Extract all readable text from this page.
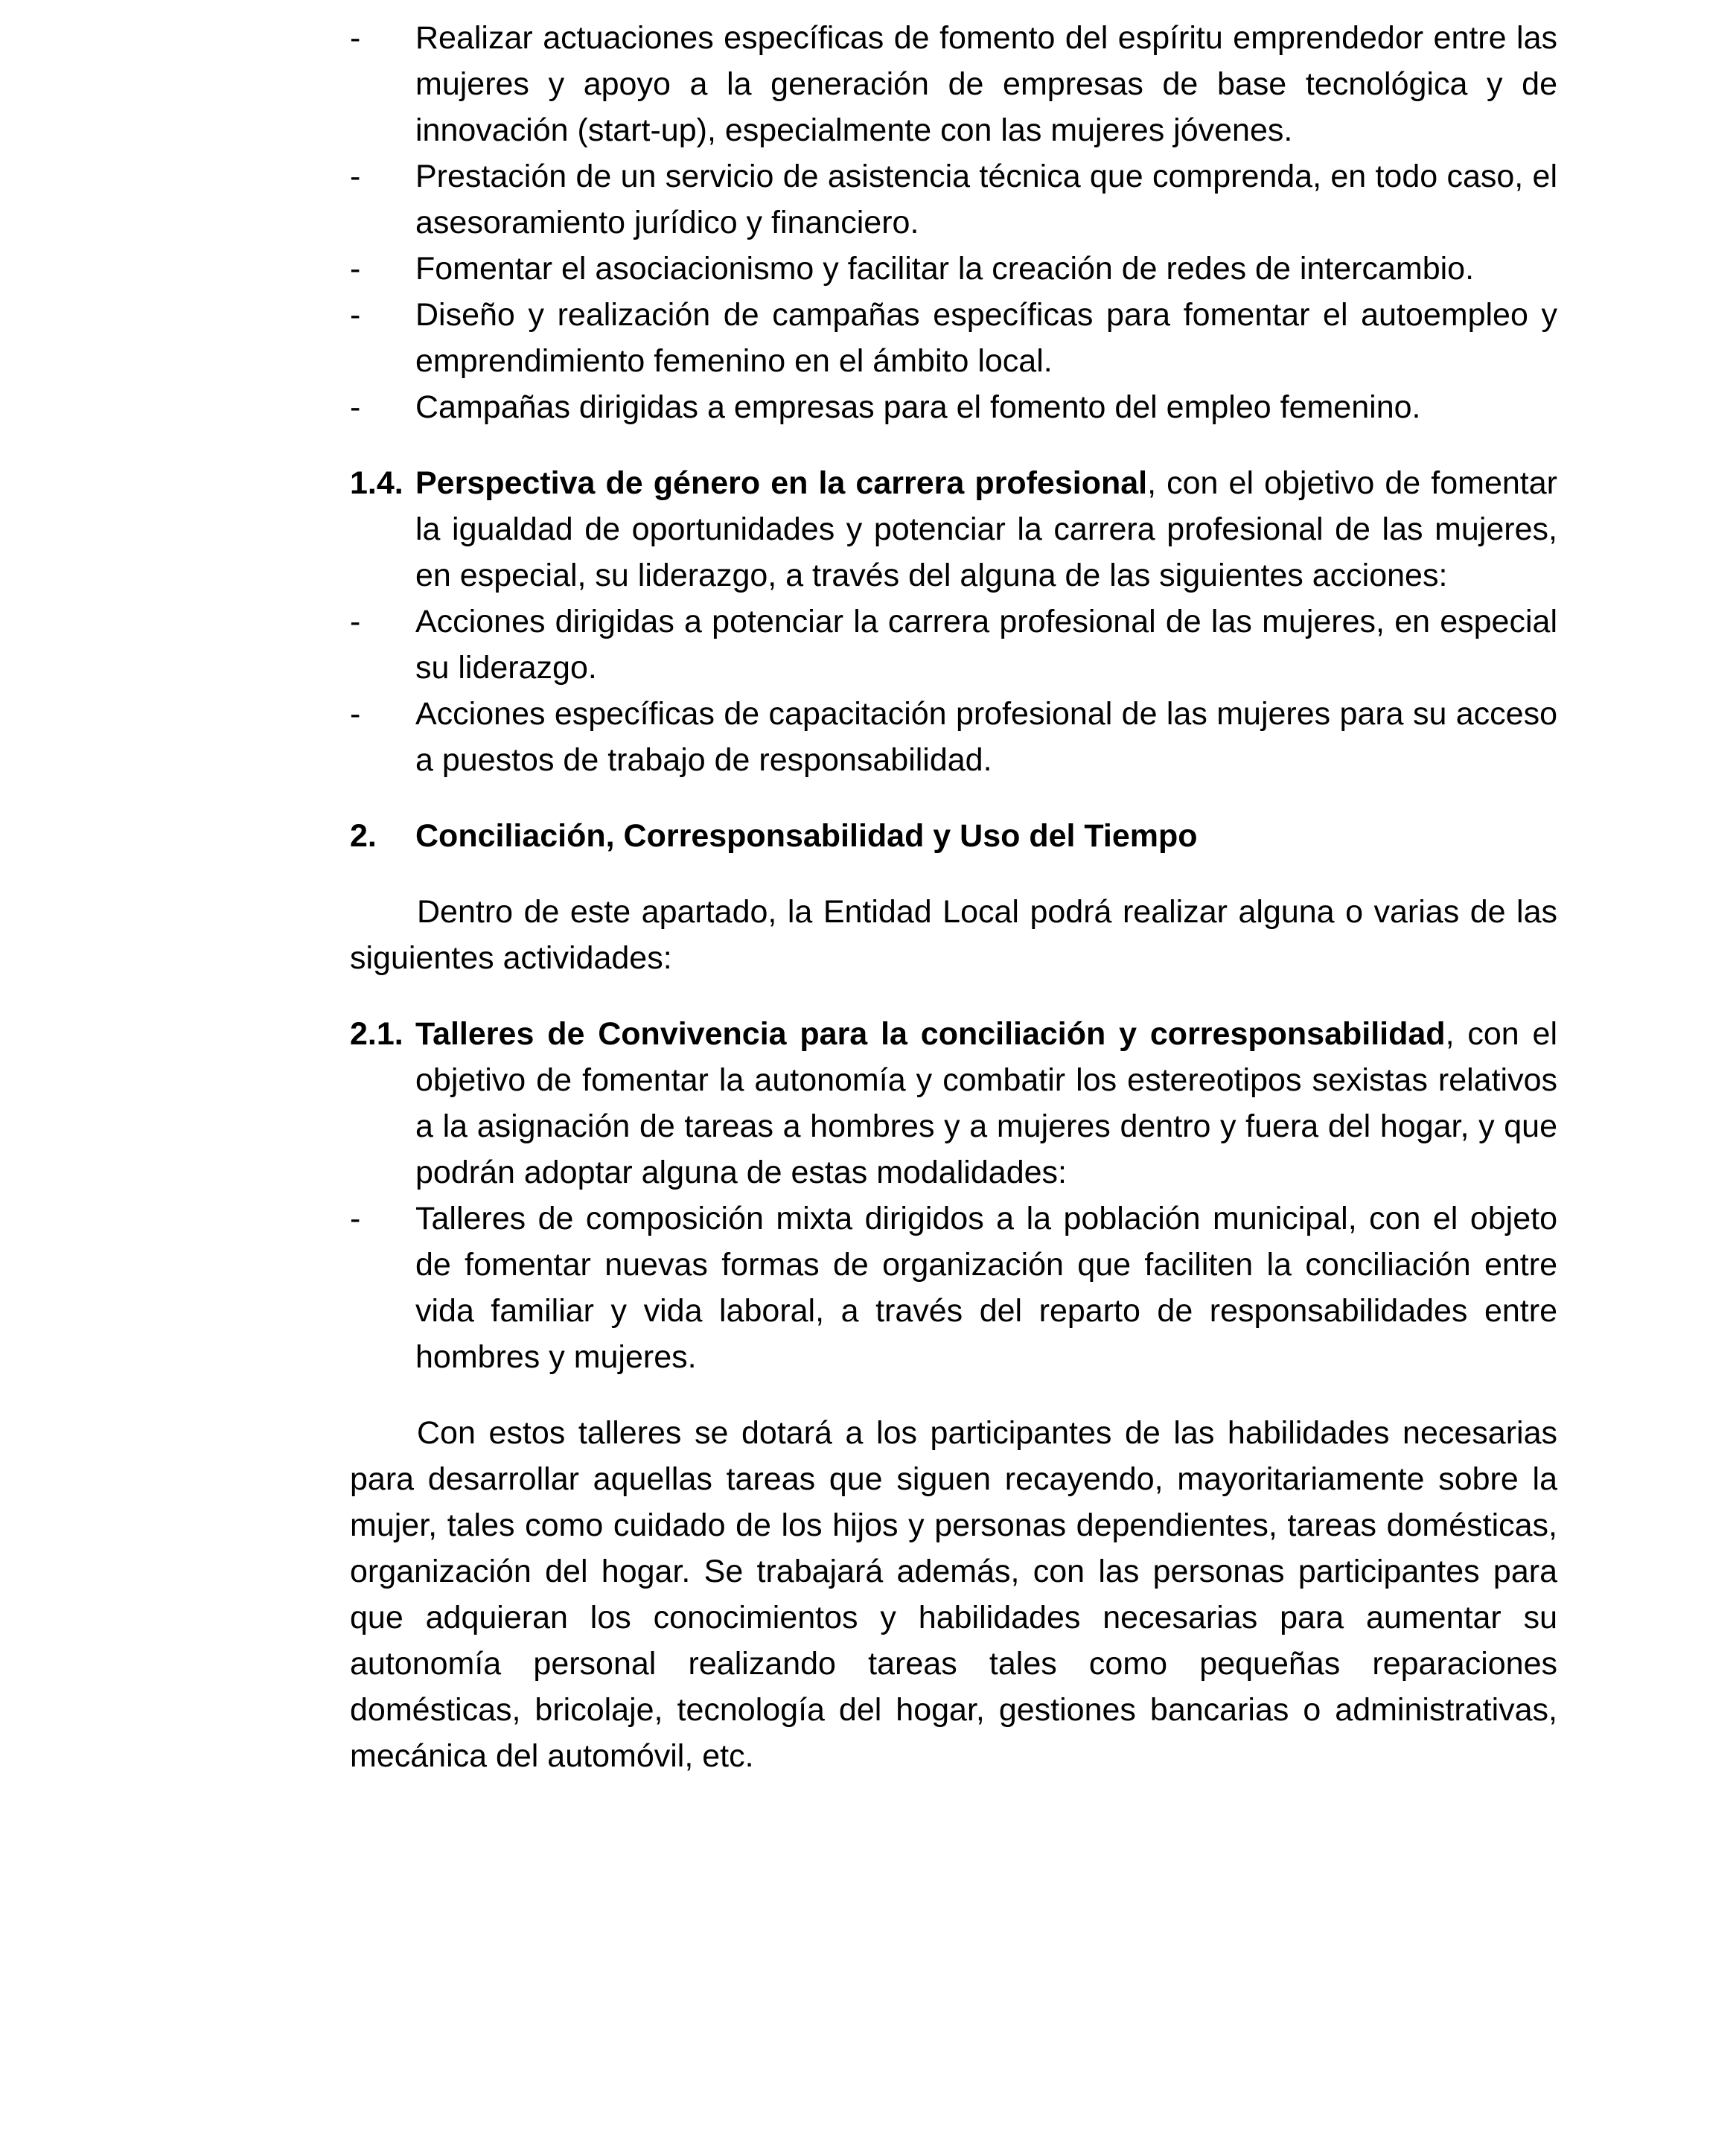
- Realizar actuaciones específicas de fomento del espíritu emprendedor entre las mujeres y apoyo a la generación de empresas de base tecnológica y de innovación (start-up), especialmente con las mujeres jóvenes.
- Prestación de un servicio de asistencia técnica que comprenda, en todo caso, el asesoramiento jurídico y financiero.
- Fomentar el asociacionismo y facilitar la creación de redes de intercambio.
- Diseño y realización de campañas específicas para fomentar el autoempleo y emprendimiento femenino en el ámbito local.
- Campañas dirigidas a empresas para el fomento del empleo femenino.
1.4. Perspectiva de género en la carrera profesional, con el objetivo de fomentar la igualdad de oportunidades y potenciar la carrera profesional de las mujeres, en especial, su liderazgo, a través del alguna de las siguientes acciones:
- Acciones dirigidas a potenciar la carrera profesional de las mujeres, en especial su liderazgo.
- Acciones específicas de capacitación profesional de las mujeres para su acceso a puestos de trabajo de responsabilidad.
2. Conciliación, Corresponsabilidad y Uso del Tiempo
Dentro de este apartado, la Entidad Local podrá realizar alguna o varias de las siguientes actividades:
2.1. Talleres de Convivencia para la conciliación y corresponsabilidad, con el objetivo de fomentar la autonomía y combatir los estereotipos sexistas relativos a la asignación de tareas a hombres y a mujeres dentro y fuera del hogar, y que podrán adoptar alguna de estas modalidades:
- Talleres de composición mixta dirigidos a la población municipal, con el objeto de fomentar nuevas formas de organización que faciliten la conciliación entre vida familiar y vida laboral, a través del reparto de responsabilidades entre hombres y mujeres.
Con estos talleres se dotará a los participantes de las habilidades necesarias para desarrollar aquellas tareas que siguen recayendo, mayoritariamente sobre la mujer, tales como cuidado de los hijos y personas dependientes, tareas domésticas, organización del hogar. Se trabajará además, con las personas participantes para que adquieran los conocimientos y habilidades necesarias para aumentar su autonomía personal realizando tareas tales como pequeñas reparaciones domésticas, bricolaje, tecnología del hogar, gestiones bancarias o administrativas, mecánica del automóvil, etc.
